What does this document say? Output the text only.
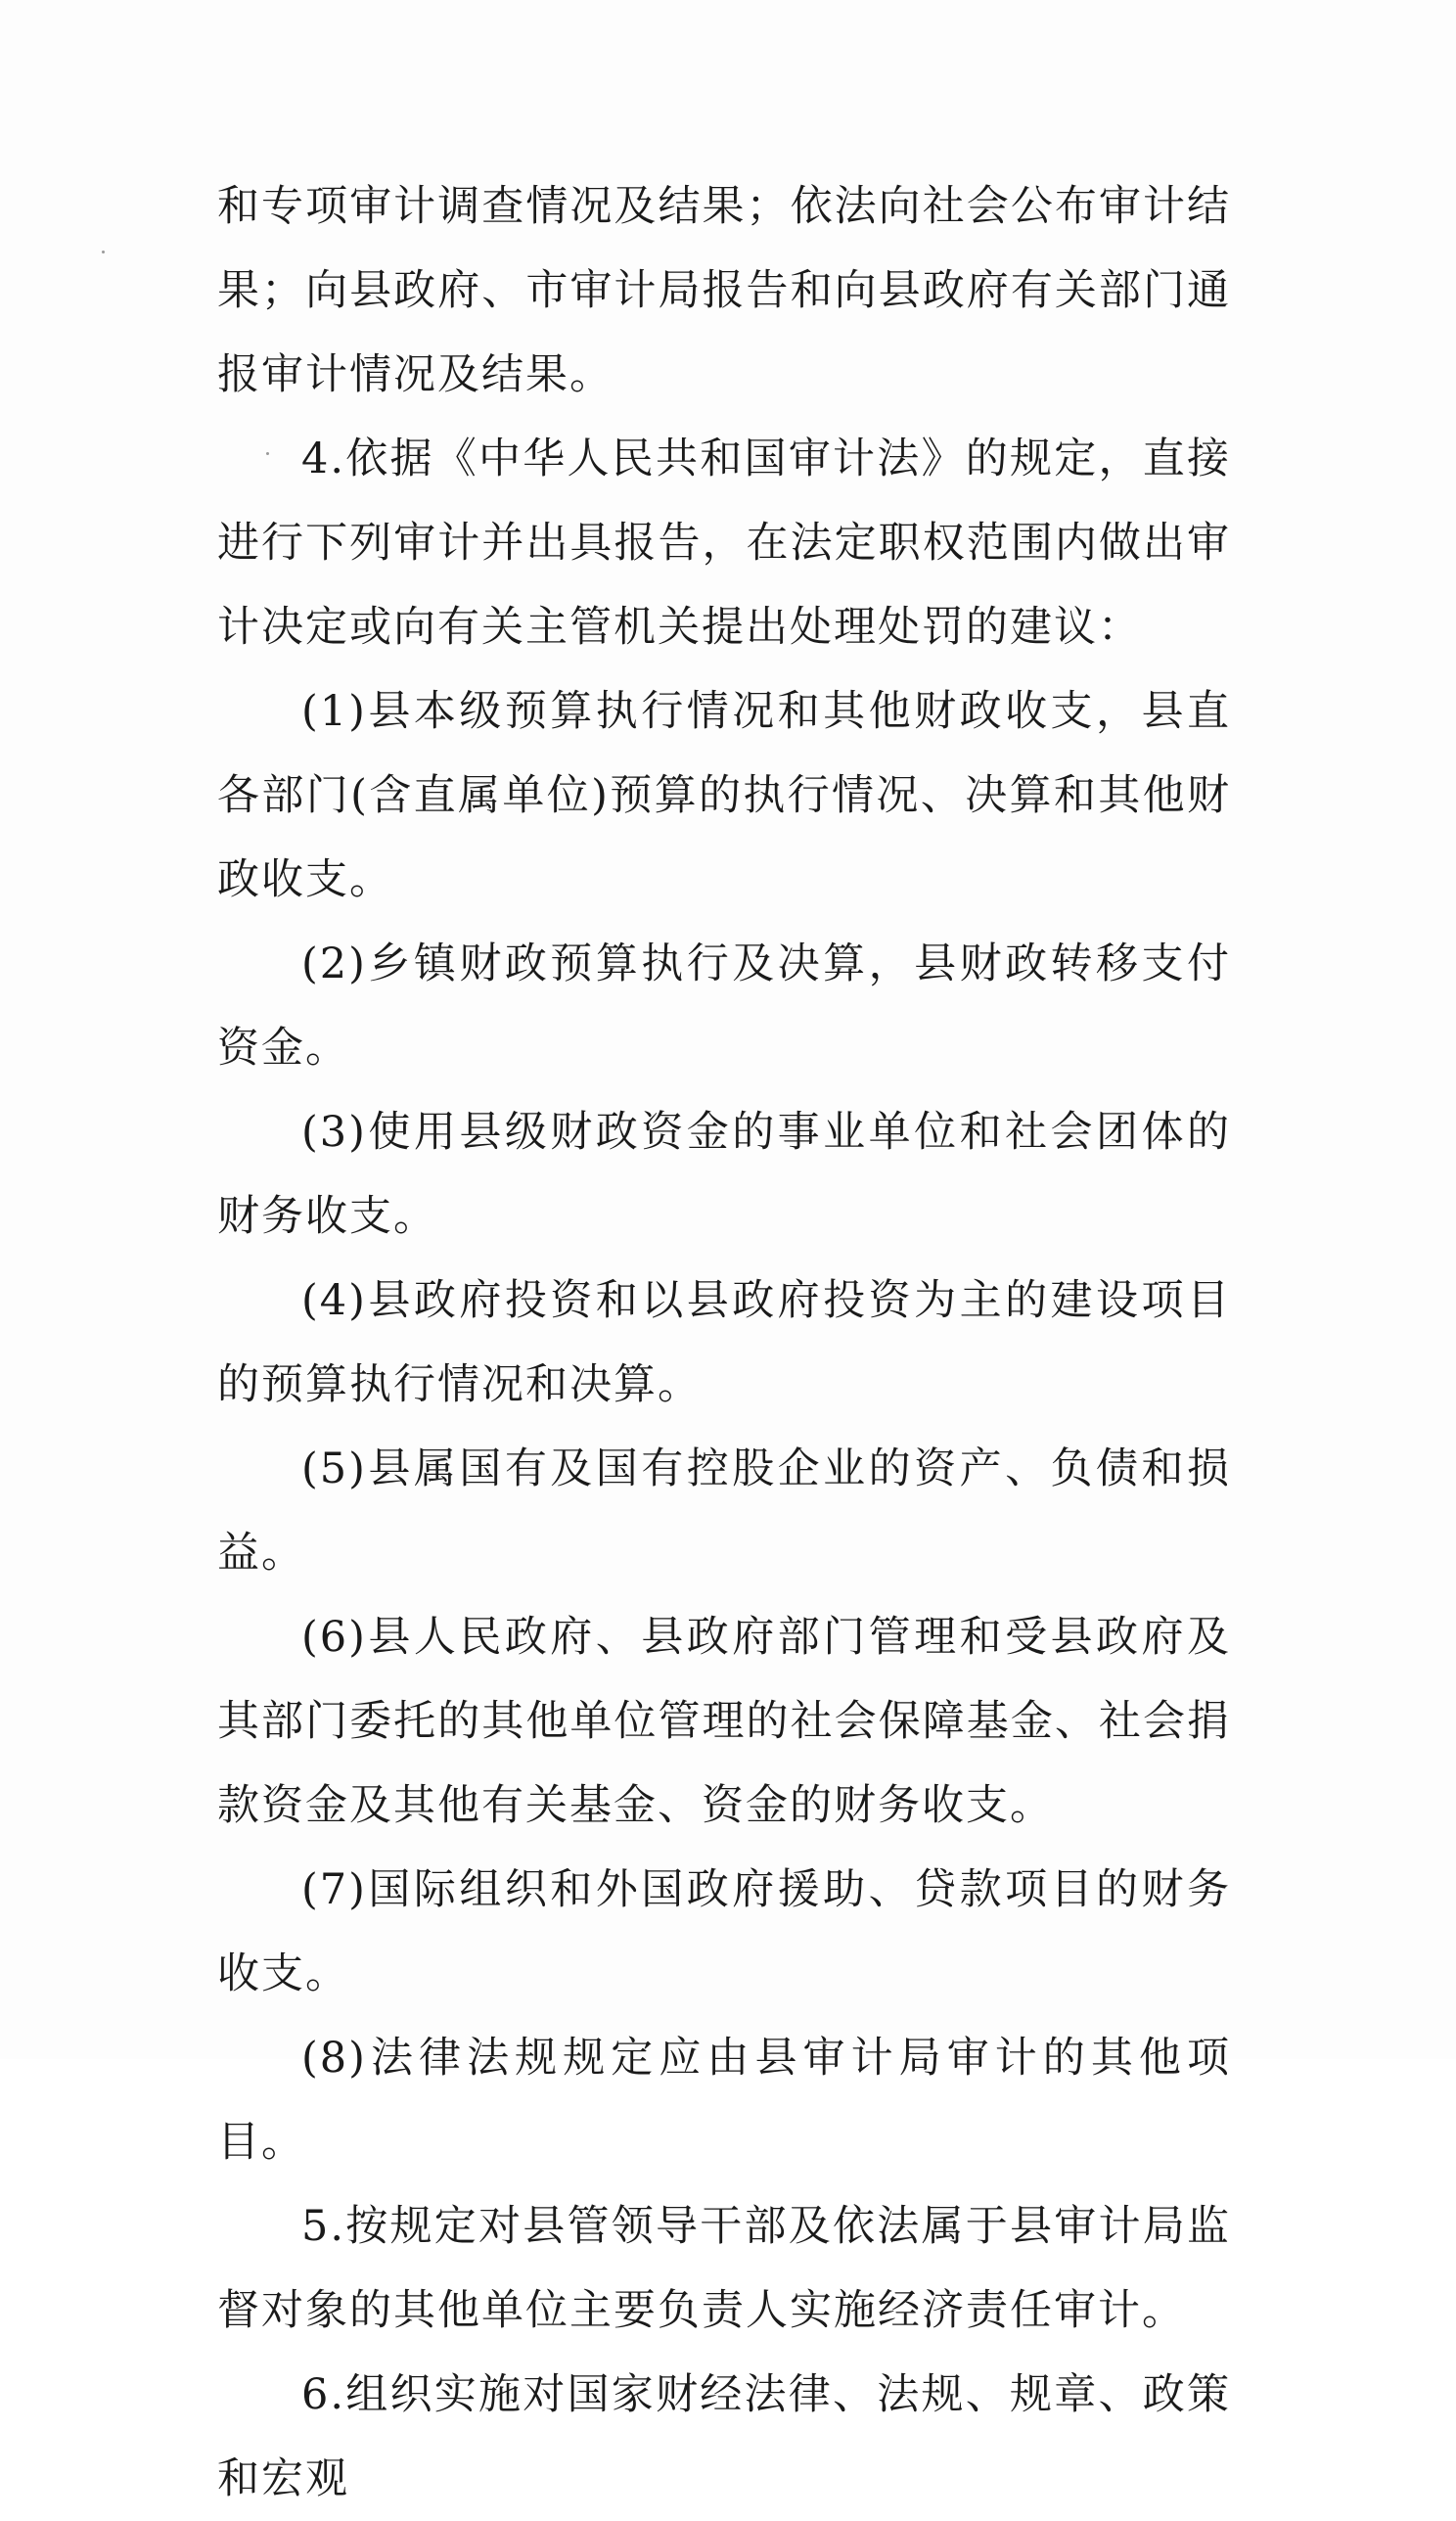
和专项审计调查情况及结果；依法向社会公布审计结果；向县政府、市审计局报告和向县政府有关部门通报审计情况及结果。

4.依据《中华人民共和国审计法》的规定，直接进行下列审计并出具报告，在法定职权范围内做出审计决定或向有关主管机关提出处理处罚的建议：

(1)县本级预算执行情况和其他财政收支，县直各部门(含直属单位)预算的执行情况、决算和其他财政收支。

(2)乡镇财政预算执行及决算，县财政转移支付资金。

(3)使用县级财政资金的事业单位和社会团体的财务收支。

(4)县政府投资和以县政府投资为主的建设项目的预算执行情况和决算。

(5)县属国有及国有控股企业的资产、负债和损益。

(6)县人民政府、县政府部门管理和受县政府及其部门委托的其他单位管理的社会保障基金、社会捐款资金及其他有关基金、资金的财务收支。

(7)国际组织和外国政府援助、贷款项目的财务收支。

(8)法律法规规定应由县审计局审计的其他项目。

5.按规定对县管领导干部及依法属于县审计局监督对象的其他单位主要负责人实施经济责任审计。

6.组织实施对国家财经法律、法规、规章、政策和宏观
